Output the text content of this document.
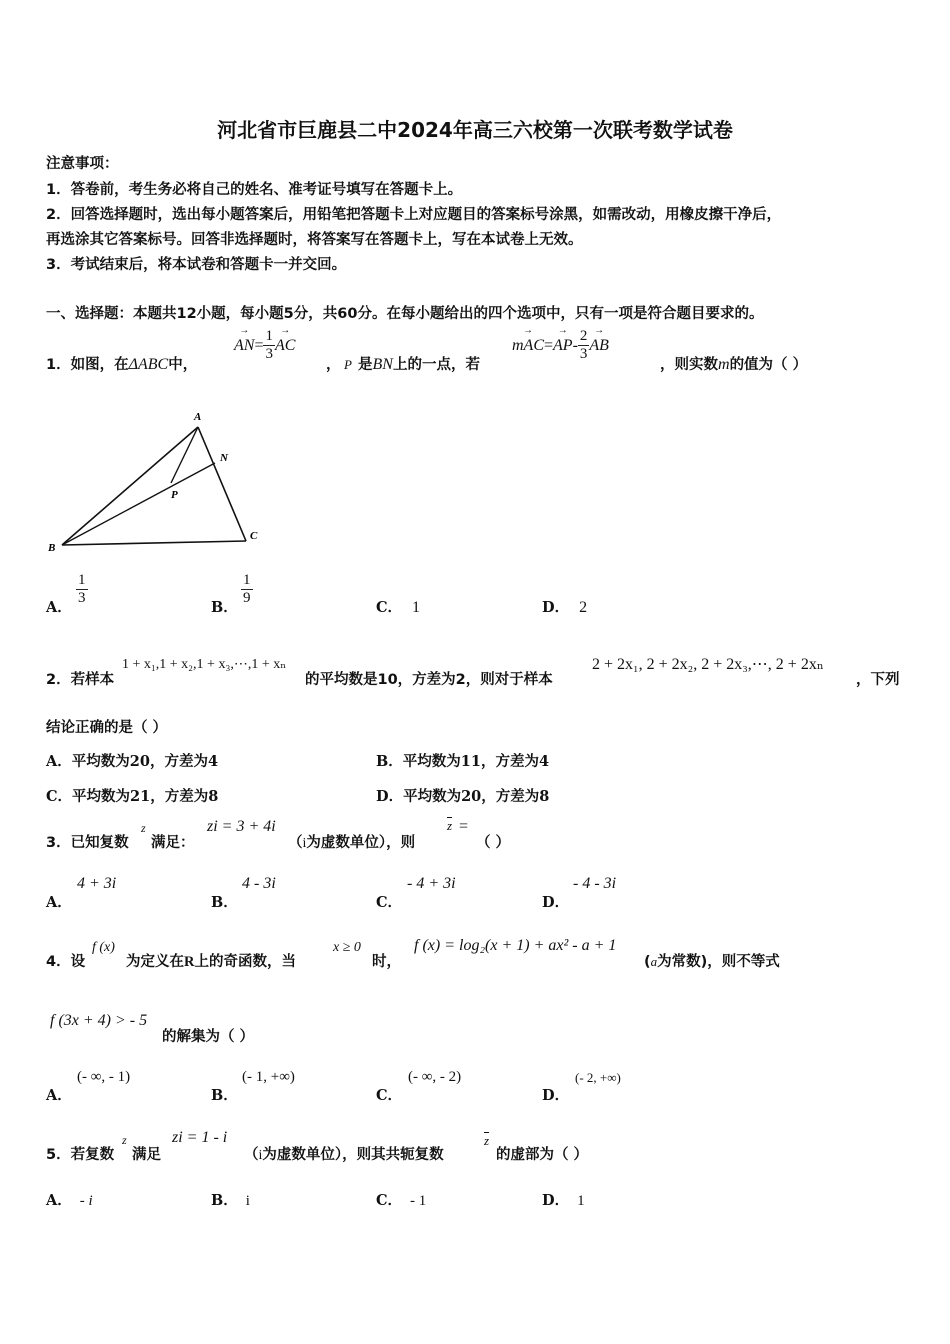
河北省市巨鹿县二中2024年高三六校第一次联考数学试卷
注意事项：
1．答卷前，考生务必将自己的姓名、准考证号填写在答题卡上。
2．回答选择题时，选出每小题答案后，用铅笔把答题卡上对应题目的答案标号涂黑，如需改动，用橡皮擦干净后，
再选涂其它答案标号。回答非选择题时，将答案写在答题卡上，写在本试卷上无效。
3．考试结束后，将本试卷和答题卡一并交回。
一、选择题：本题共12小题，每小题5分，共60分。在每小题给出的四个选项中，只有一项是符合题目要求的。
1．如图，在ΔABC中，
→ $AN= \frac{1}{3}$ → AC
， P 是BN上的一点，若
→ $mAC=\to AP- \frac{2}{3}$ → AB
，则实数m的值为（ ）
A
B
C
N
P
A．
$\frac{1}{3}$
B．
$\frac{1}{9}$
C． 1	D． 2
2．若样本
1 + x₁,1 + x₂,1 + x₃,⋯,1 + xₙ
的平均数是10，方差为2，则对于样本
2 + 2x₁, 2 + 2x₂, 2 + 2x₃,⋯, 2 + 2xₙ
，下列
结论正确的是（ ）
A．平均数为20，方差为4	B．平均数为11，方差为4
C．平均数为21，方差为8	D．平均数为20，方差为8
3．已知复数
z
满足：
zi = 3 + 4i
（i为虚数单位），则
$\overline{z}$ =
（ ）
A．
4 + 3i
B．
4 - 3i
C．
- 4 + 3i
D．
- 4 - 3i
4．设
f (x)
为定义在R上的奇函数，当
x ≥ 0
时，
f (x) = log₂(x + 1) + ax² - a + 1
(a为常数)，则不等式
f (3x + 4) > - 5
的解集为（ ）
A．
(- ∞, - 1)
B．
(- 1, +∞)
C．
(- ∞, - 2)
D．
(- 2, +∞)
5．若复数
z
满足
zi = 1 - i
（i为虚数单位），则其共轭复数
$\overline{z}$
的虚部为（ ）
A． - i	B． i	C． - 1	D． 1
